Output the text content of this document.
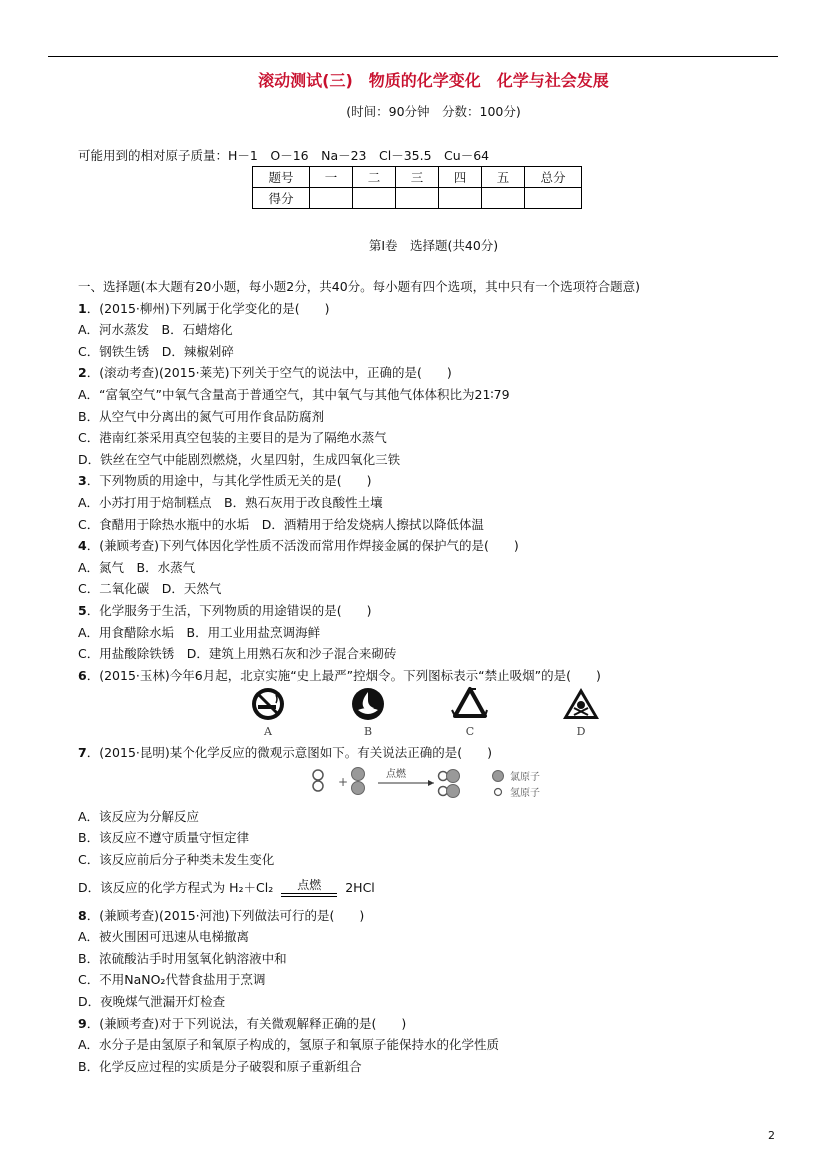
滚动测试(三)　物质的化学变化　化学与社会发展
(时间：90分钟　分数：100分)
可能用到的相对原子质量：H－1　O－16　Na－23　Cl－35.5　Cu－64
题号	一	二	三	四	五	总分
得分						
第Ⅰ卷　选择题(共40分)
一、选择题(本大题有20小题，每小题2分，共40分。每小题有四个选项，其中只有一个选项符合题意)
1．(2015·柳州)下列属于化学变化的是(　　)
A．河水蒸发　B．石蜡熔化
C．钢铁生锈　D．辣椒剁碎
2．(滚动考查)(2015·莱芜)下列关于空气的说法中，正确的是(　　)
A．“富氧空气”中氧气含量高于普通空气，其中氧气与其他气体体积比为21∶79
B．从空气中分离出的氮气可用作食品防腐剂
C．港南红茶采用真空包装的主要目的是为了隔绝水蒸气
D．铁丝在空气中能剧烈燃烧，火星四射，生成四氧化三铁
3．下列物质的用途中，与其化学性质无关的是(　　)
A．小苏打用于焙制糕点　B．熟石灰用于改良酸性土壤
C．食醋用于除热水瓶中的水垢　D．酒精用于给发烧病人擦拭以降低体温
4．(兼顾考查)下列气体因化学性质不活泼而常用作焊接金属的保护气的是(　　)
A．氮气　B．水蒸气
C．二氧化碳　D．天然气
5．化学服务于生活，下列物质的用途错误的是(　　)
A．用食醋除水垢　B．用工业用盐烹调海鲜
C．用盐酸除铁锈　D．建筑上用熟石灰和沙子混合来砌砖
6．(2015·玉林)今年6月起，北京实施“史上最严”控烟令。下列图标表示“禁止吸烟”的是(　　)
A	B	C	D
7．(2015·昆明)某个化学反应的微观示意图如下。有关说法正确的是(　　)
+
点燃	氯原子
氢原子
A．该反应为分解反应
B．该反应不遵守质量守恒定律
C．该反应前后分子种类未发生变化
D．该反应的化学方程式为 H₂＋Cl₂	点燃	2HCl
8．(兼顾考查)(2015·河池)下列做法可行的是(　　)
A．被火围困可迅速从电梯撤离
B．浓硫酸沾手时用氢氧化钠溶液中和
C．不用NaNO₂代替食盐用于烹调
D．夜晚煤气泄漏开灯检查
9．(兼顾考查)对于下列说法，有关微观解释正确的是(　　)
A．水分子是由氢原子和氧原子构成的，氢原子和氧原子能保持水的化学性质
B．化学反应过程的实质是分子破裂和原子重新组合
2
